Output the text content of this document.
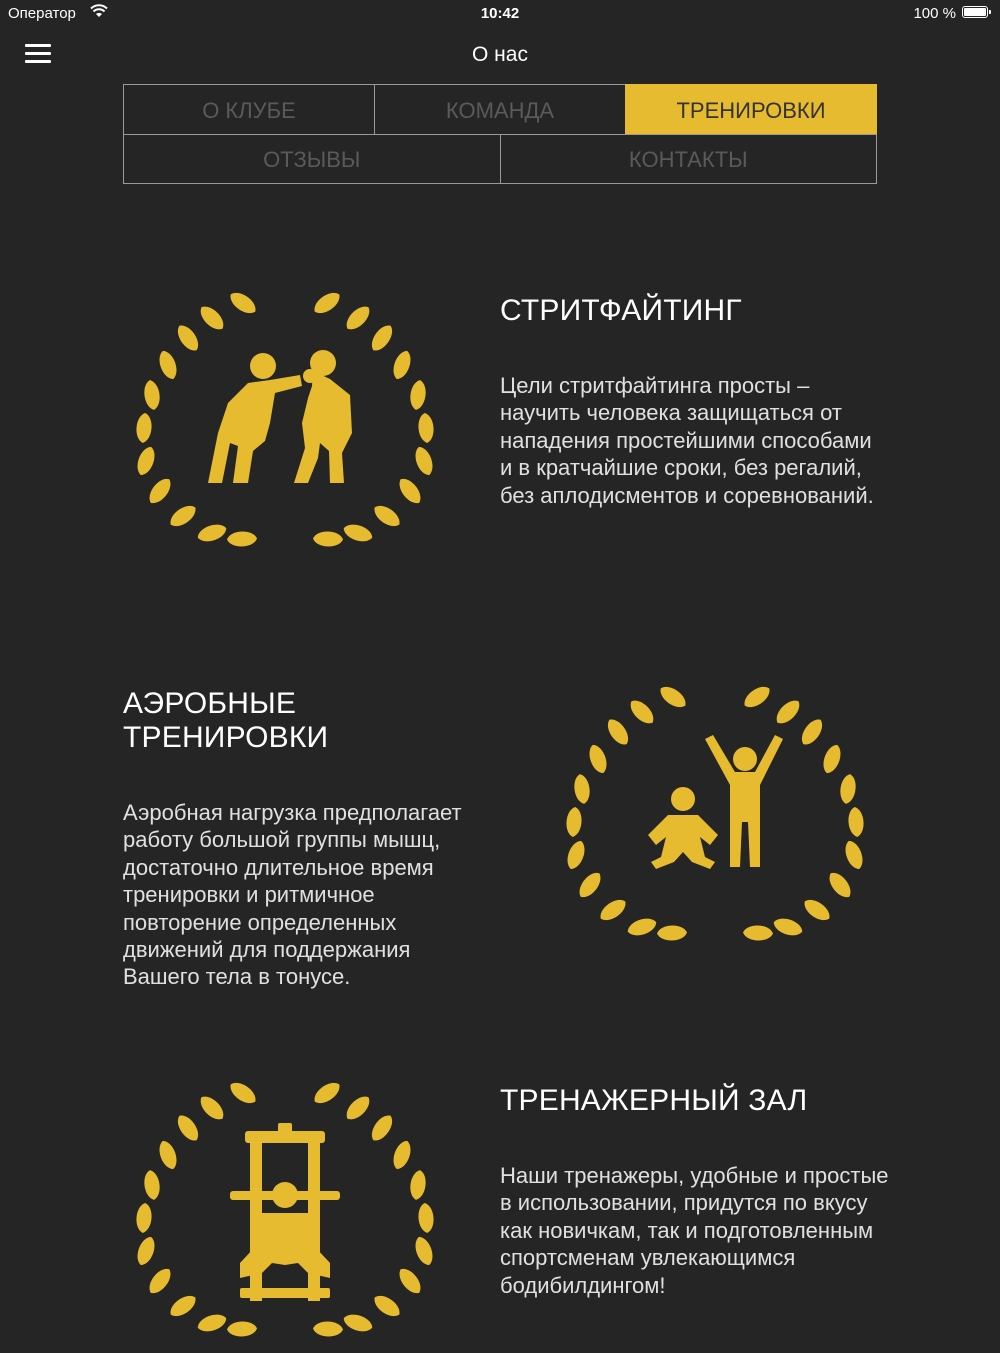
Оператор	10:42	100 %
О нас
О КЛУБЕ	КОМАНДА	ТРЕНИРОВКИ
ОТЗЫВЫ	КОНТАКТЫ
СТРИТФАЙТИНГ

Цели стритфайтинга просты – научить человека защищаться от нападения простейшими способами и в кратчайшие сроки, без регалий, без аплодисментов и соревнований.

АЭРОБНЫЕ ТРЕНИРОВКИ

Аэробная нагрузка предполагает работу большой группы мышц, достаточно длительное время тренировки и ритмичное повторение определенных движений для поддержания Вашего тела в тонусе.

ТРЕНАЖЕРНЫЙ ЗАЛ

Наши тренажеры, удобные и простые в использовании, придутся по вкусу как новичкам, так и подготовленным спортсменам увлекающимся бодибилдингом!
